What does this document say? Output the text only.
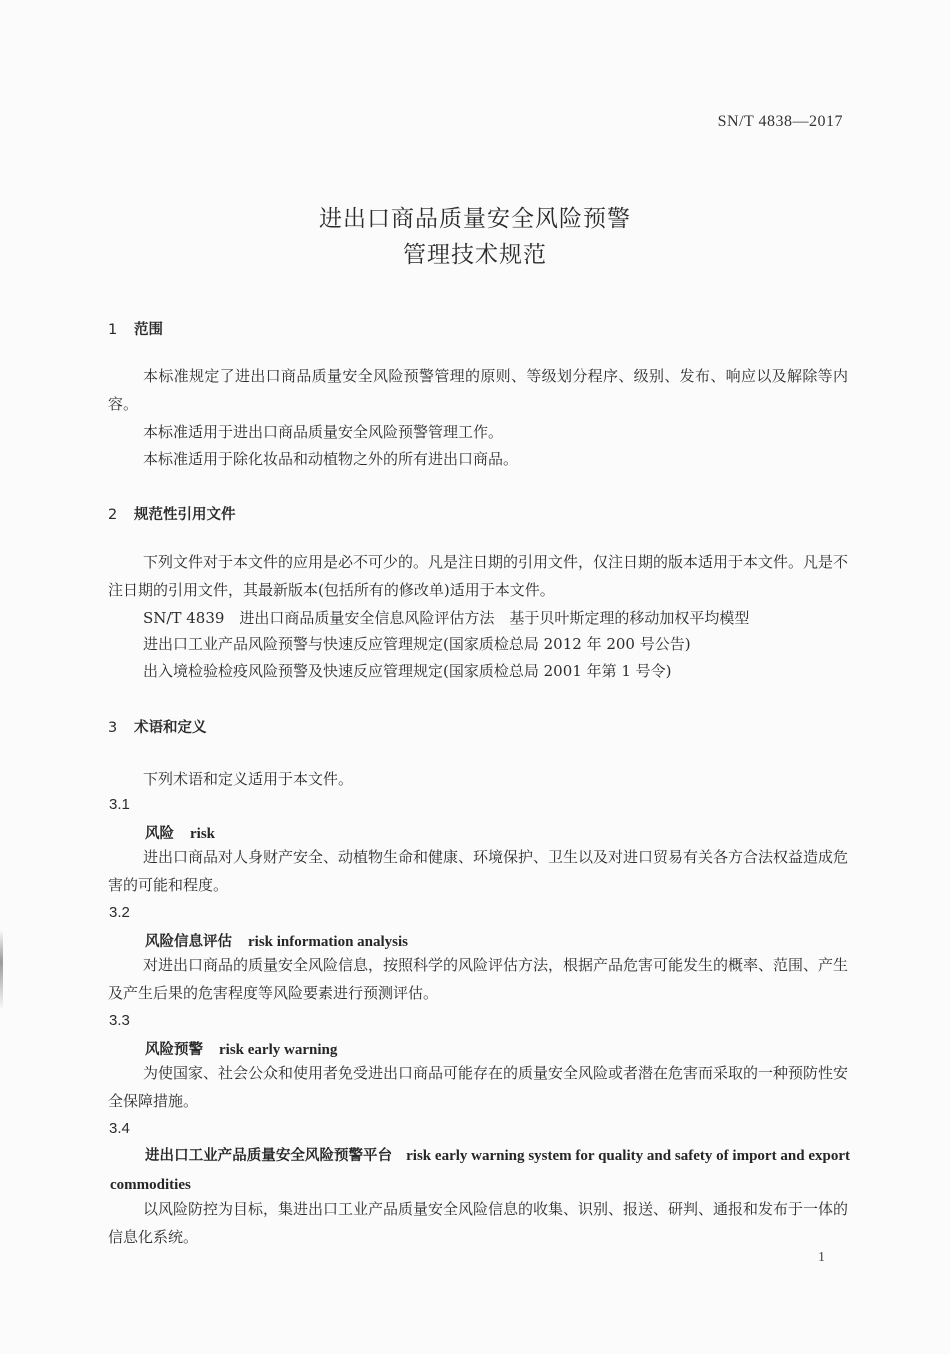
SN/T 4838—2017
进出口商品质量安全风险预警
管理技术规范
1 范围
本标准规定了进出口商品质量安全风险预警管理的原则、等级划分程序、级别、发布、响应以及解除等内容。
本标准适用于进出口商品质量安全风险预警管理工作。
本标准适用于除化妆品和动植物之外的所有进出口商品。
2 规范性引用文件
下列文件对于本文件的应用是必不可少的。凡是注日期的引用文件，仅注日期的版本适用于本文件。凡是不注日期的引用文件，其最新版本(包括所有的修改单)适用于本文件。
SN/T 4839　进出口商品质量安全信息风险评估方法　基于贝叶斯定理的移动加权平均模型
进出口工业产品风险预警与快速反应管理规定(国家质检总局 2012 年 200 号公告)
出入境检验检疫风险预警及快速反应管理规定(国家质检总局 2001 年第 1 号令)
3 术语和定义
下列术语和定义适用于本文件。
3.1
风险 risk
进出口商品对人身财产安全、动植物生命和健康、环境保护、卫生以及对进口贸易有关各方合法权益造成危害的可能和程度。
3.2
风险信息评估 risk information analysis
对进出口商品的质量安全风险信息，按照科学的风险评估方法，根据产品危害可能发生的概率、范围、产生及产生后果的危害程度等风险要素进行预测评估。
3.3
风险预警 risk early warning
为使国家、社会公众和使用者免受进出口商品可能存在的质量安全风险或者潜在危害而采取的一种预防性安全保障措施。
3.4
进出口工业产品质量安全风险预警平台 risk early warning system for quality and safety of import and export commodities
以风险防控为目标，集进出口工业产品质量安全风险信息的收集、识别、报送、研判、通报和发布于一体的信息化系统。
1
